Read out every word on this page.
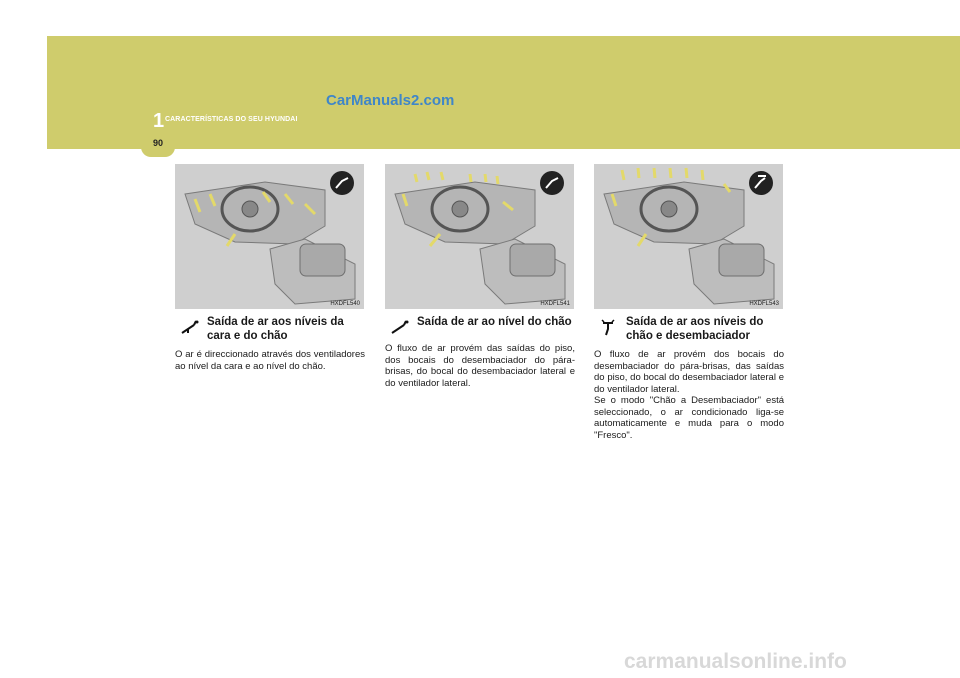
1 CARACTERÍSTICAS DO SEU HYUNDAI
CarManuals2.com
90
HXDFL540
Saída de ar aos níveis da cara e do chão
O ar é direccionado através dos ventiladores ao nível da cara e ao nível do chão.
HXDFL541
Saída de ar ao nível do chão
O fluxo de ar provém das saídas do piso, dos bocais do desembaciador do pára-brisas, do bocal do desembaciador lateral e do ventilador lateral.
HXDFL543
Saída de ar aos níveis do chão e desembaciador
O fluxo de ar provém dos bocais do desembaciador do pára-brisas, das saídas do piso, do bocal do desembaciador lateral e do ventilador lateral.
Se o modo "Chão a Desembaciador" está seleccionado, o ar condicionado liga-se automaticamente e muda para o modo "Fresco".
carmanualsonline.info
